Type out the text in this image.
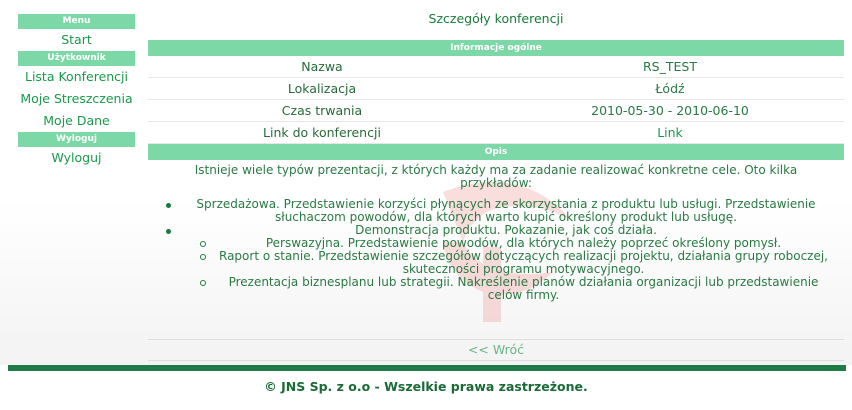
Menu
Start
Użytkownik
Lista Konferencji
Moje Streszczenia
Moje Dane
Wyloguj
Wyloguj
Szczegóły konferencji
Informacje ogólne
Nazwa	RS_TEST
Lokalizacja	Łódź
Czas trwania	2010-05-30 - 2010-06-10
Link do konferencji	Link
Opis

Istnieje wiele typów prezentacji, z których każdy ma za zadanie realizować konkretne cele. Oto kilka przykładów:

Sprzedażowa. Przedstawienie korzyści płynących ze skorzystania z produktu lub usługi. Przedstawienie słuchaczom powodów, dla których warto kupić określony produkt lub usługę.
Demonstracja produktu. Pokazanie, jak coś działa.
Perswazyjna. Przedstawienie powodów, dla których należy poprzeć określony pomysł.
Raport o stanie. Przedstawienie szczegółów dotyczących realizacji projektu, działania grupy roboczej, skuteczności programu motywacyjnego.
Prezentacja biznesplanu lub strategii. Nakreślenie planów działania organizacji lub przedstawienie celów firmy.
<< Wróć
© JNS Sp. z o.o - Wszelkie prawa zastrzeżone.
